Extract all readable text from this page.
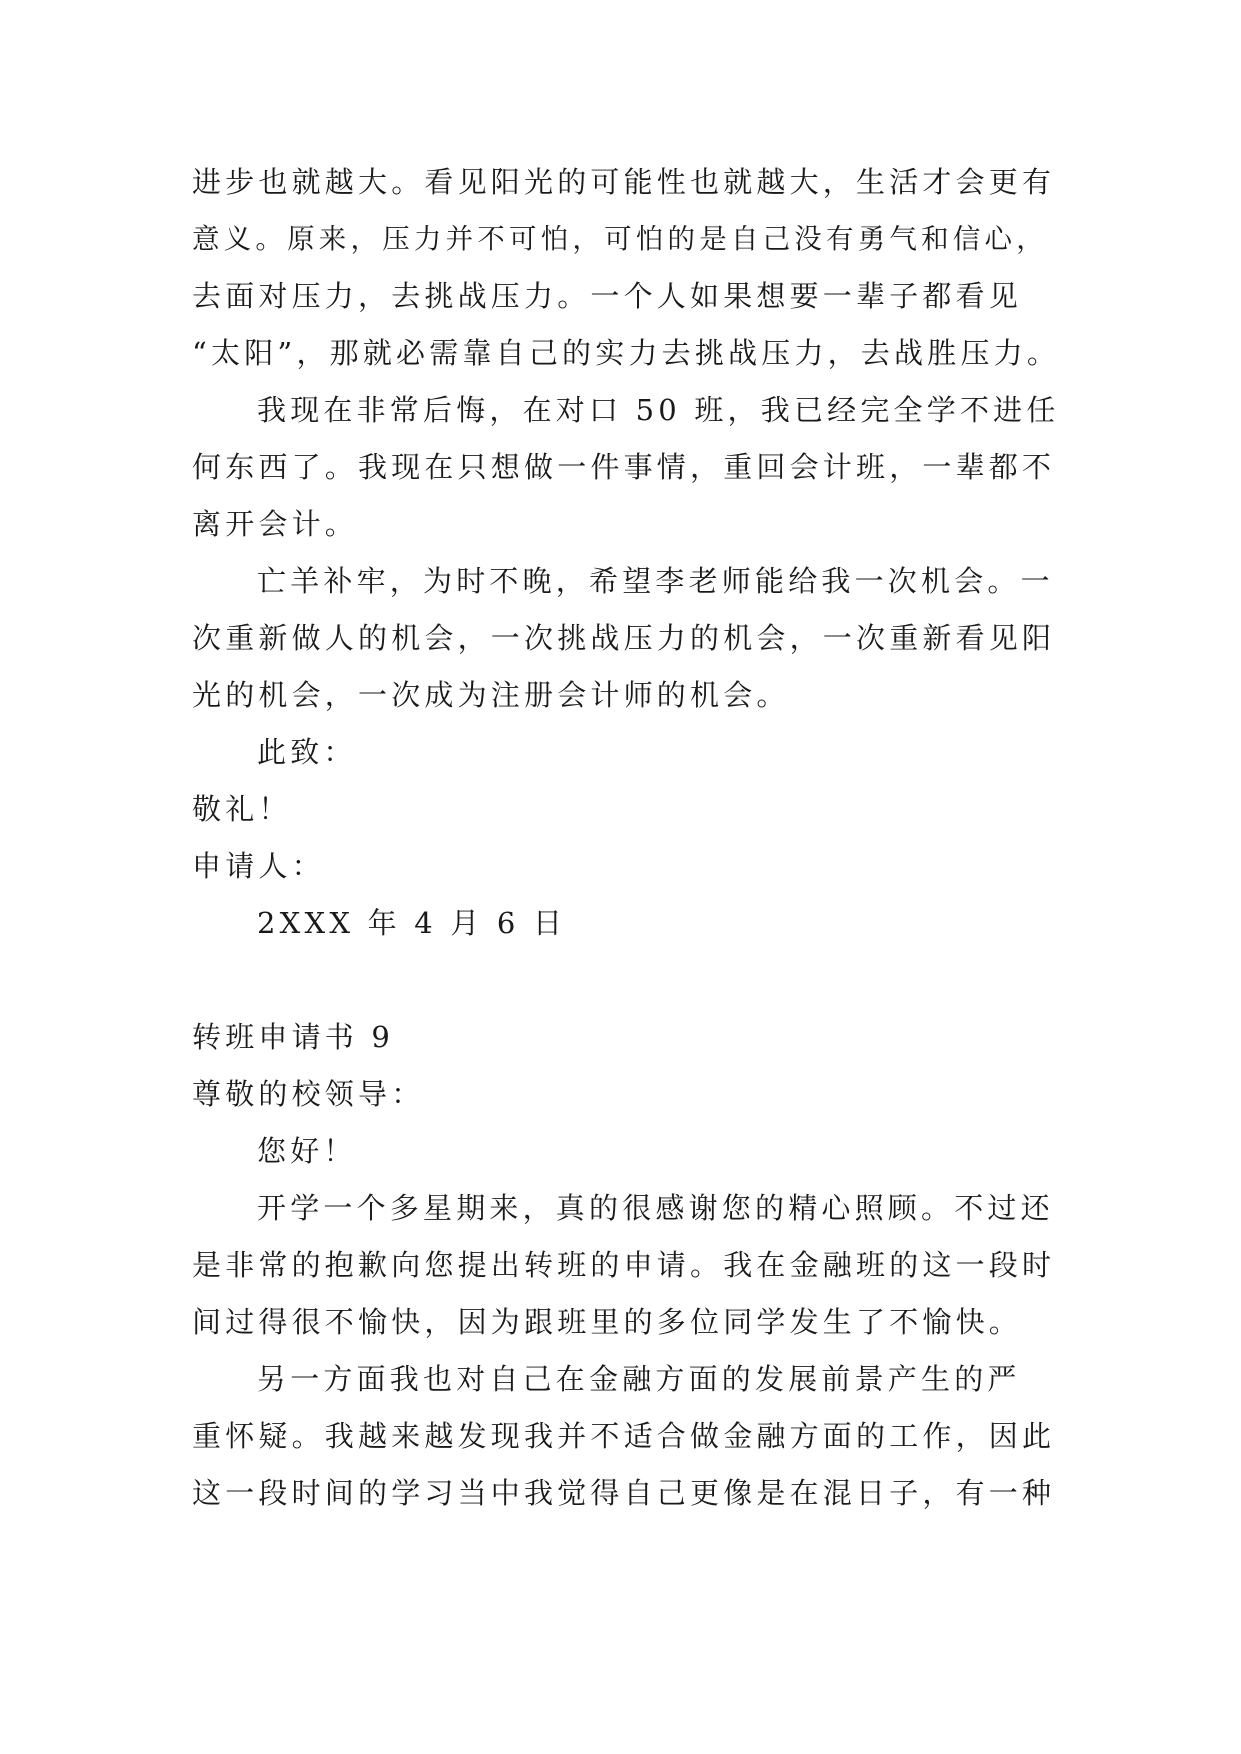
进步也就越大。看见阳光的可能性也就越大，生活才会更有
意义。原来，压力并不可怕，可怕的是自己没有勇气和信心，
去面对压力，去挑战压力。一个人如果想要一辈子都看见
“太阳”，那就必需靠自己的实力去挑战压力，去战胜压力。
我现在非常后悔，在对口 50 班，我已经完全学不进任
何东西了。我现在只想做一件事情，重回会计班，一辈都不
离开会计。
亡羊补牢，为时不晚，希望李老师能给我一次机会。一
次重新做人的机会，一次挑战压力的机会，一次重新看见阳
光的机会，一次成为注册会计师的机会。
此致：
敬礼！
申请人：
2XXX 年 4 月 6 日
转班申请书 9
尊敬的校领导：
您好！
开学一个多星期来，真的很感谢您的精心照顾。不过还
是非常的抱歉向您提出转班的申请。我在金融班的这一段时
间过得很不愉快，因为跟班里的多位同学发生了不愉快。
另一方面我也对自己在金融方面的发展前景产生的严
重怀疑。我越来越发现我并不适合做金融方面的工作，因此
这一段时间的学习当中我觉得自己更像是在混日子，有一种
